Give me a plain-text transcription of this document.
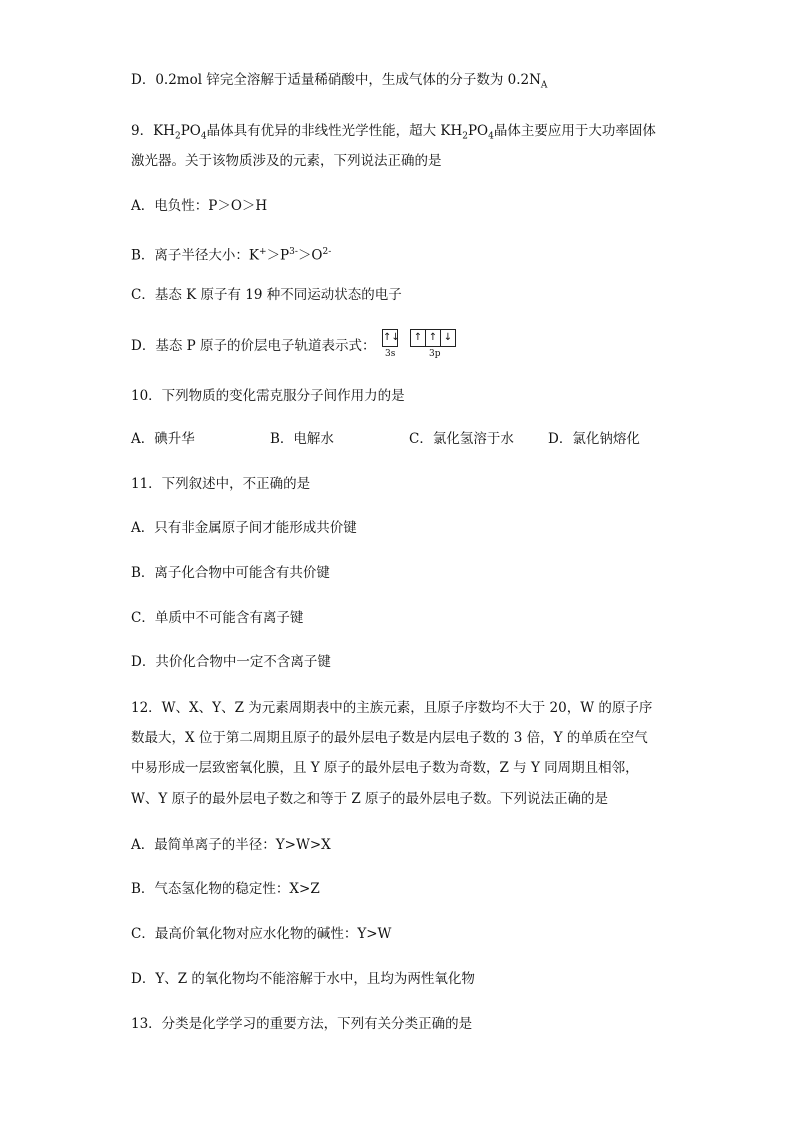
D．0.2mol 锌完全溶解于适量稀硝酸中，生成气体的分子数为 $0.2N_A$
9．$KH_2PO_4$晶体具有优异的非线性光学性能，超大 $KH_2PO_4$晶体主要应用于大功率固体
激光器。关于该物质涉及的元素，下列说法正确的是
A．电负性：P＞O＞H
B．离子半径大小：$K^+>P^{3-}>O^{2-}$
C．基态 K 原子有 19 种不同运动状态的电子
D．基态 P 原子的价层电子轨道表示式：
↑↓
3s
↑ ↑ ↓
3p
10．下列物质的变化需克服分子间作用力的是
A．碘升华	B．电解水	C．氯化氢溶于水	D．氯化钠熔化
11．下列叙述中，不正确的是
A．只有非金属原子间才能形成共价键
B．离子化合物中可能含有共价键
C．单质中不可能含有离子键
D．共价化合物中一定不含离子键
12．W、X、Y、Z 为元素周期表中的主族元素，且原子序数均不大于 20，W 的原子序
数最大，X 位于第二周期且原子的最外层电子数是内层电子数的 3 倍，Y 的单质在空气
中易形成一层致密氧化膜，且 Y 原子的最外层电子数为奇数，Z 与 Y 同周期且相邻，
W、Y 原子的最外层电子数之和等于 Z 原子的最外层电子数。下列说法正确的是
A．最简单离子的半径：Y>W>X
B．气态氢化物的稳定性：X>Z
C．最高价氧化物对应水化物的碱性：Y>W
D．Y、Z 的氧化物均不能溶解于水中，且均为两性氧化物
13．分类是化学学习的重要方法，下列有关分类正确的是
